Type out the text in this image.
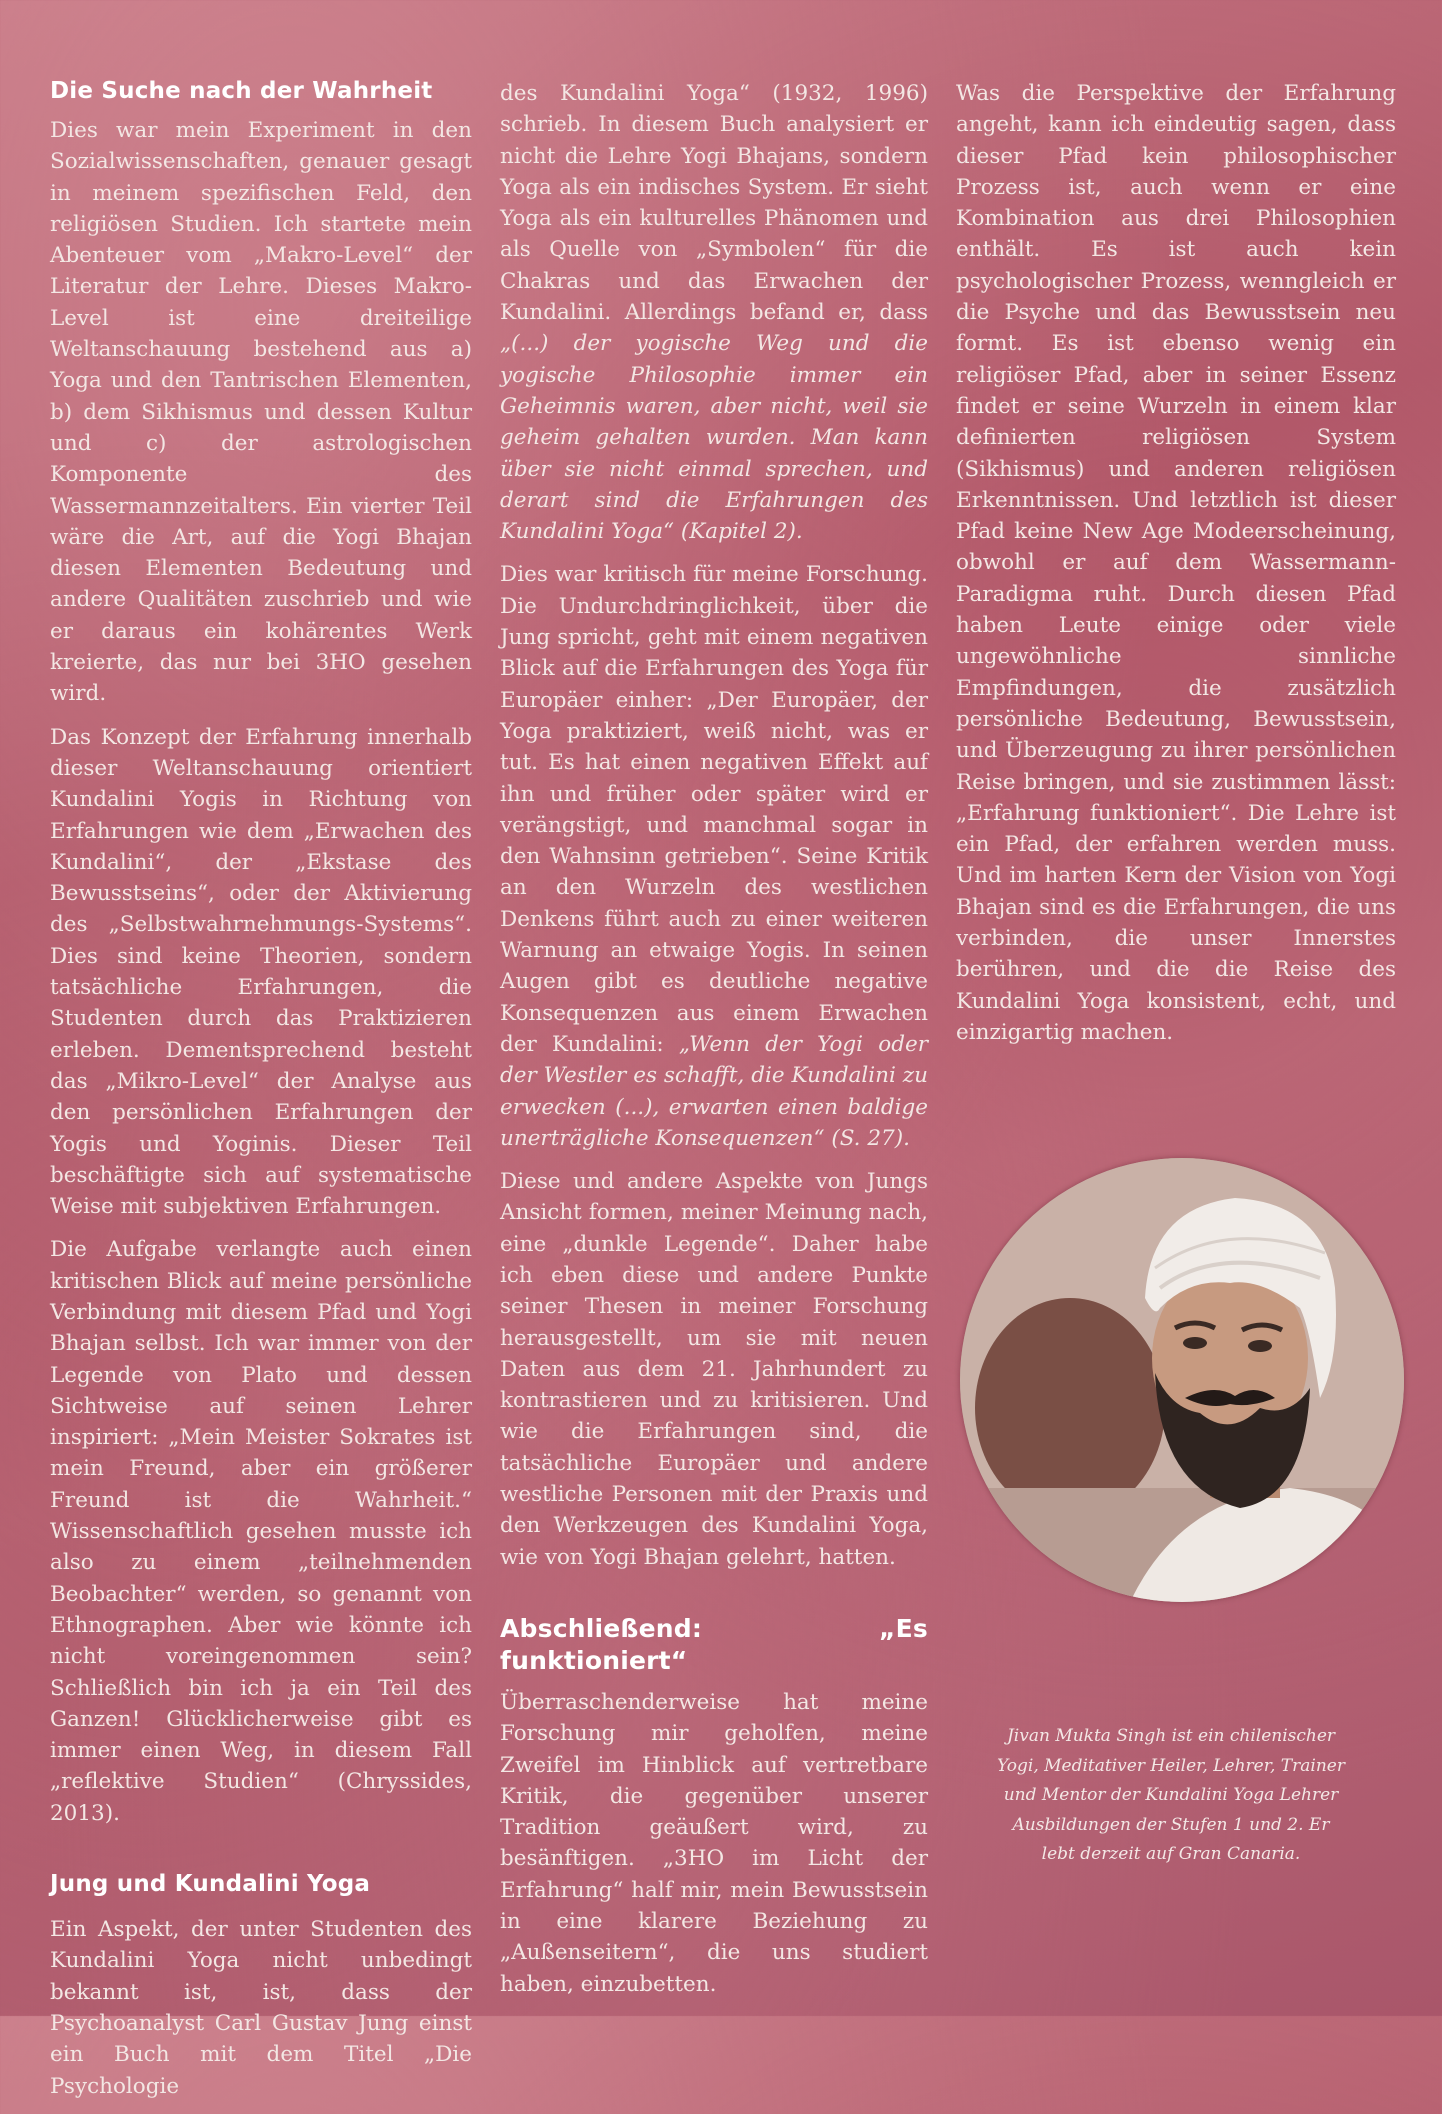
Die Suche nach der Wahrheit

Dies war mein Experiment in den Sozialwissenschaften, genauer gesagt in meinem spezifischen Feld, den religiösen Studien. Ich startete mein Abenteuer vom „Makro-Level“ der Literatur der Lehre. Dieses Makro-Level ist eine dreiteilige Weltanschauung bestehend aus a) Yoga und den Tantrischen Elementen, b) dem Sikhismus und dessen Kultur und c) der astrologischen Komponente des Wassermannzeitalters. Ein vierter Teil wäre die Art, auf die Yogi Bhajan diesen Elementen Bedeutung und andere Qualitäten zuschrieb und wie er daraus ein kohärentes Werk kreierte, das nur bei 3HO gesehen wird.

Das Konzept der Erfahrung innerhalb dieser Weltanschauung orientiert Kundalini Yogis in Richtung von Erfahrungen wie dem „Erwachen des Kundalini“, der „Ekstase des Bewusstseins“, oder der Aktivierung des „Selbstwahrnehmungs-Systems“. Dies sind keine Theorien, sondern tatsächliche Erfahrungen, die Studenten durch das Praktizieren erleben. Dementsprechend besteht das „Mikro-Level“ der Analyse aus den persönlichen Erfahrungen der Yogis und Yoginis. Dieser Teil beschäftigte sich auf systematische Weise mit subjektiven Erfahrungen.

Die Aufgabe verlangte auch einen kritischen Blick auf meine persönliche Verbindung mit diesem Pfad und Yogi Bhajan selbst. Ich war immer von der Legende von Plato und dessen Sichtweise auf seinen Lehrer inspiriert: „Mein Meister Sokrates ist mein Freund, aber ein größerer Freund ist die Wahrheit.“ Wissenschaftlich gesehen musste ich also zu einem „teilnehmenden Beobachter“ werden, so genannt von Ethnographen. Aber wie könnte ich nicht voreingenommen sein? Schließlich bin ich ja ein Teil des Ganzen! Glücklicherweise gibt es immer einen Weg, in diesem Fall „reflektive Studien“ (Chryssides, 2013).

Jung und Kundalini Yoga

Ein Aspekt, der unter Studenten des Kundalini Yoga nicht unbedingt bekannt ist, ist, dass der Psychoanalyst Carl Gustav Jung einst ein Buch mit dem Titel „Die Psychologie

des Kundalini Yoga“ (1932, 1996) schrieb. In diesem Buch analysiert er nicht die Lehre Yogi Bhajans, sondern Yoga als ein indisches System. Er sieht Yoga als ein kulturelles Phänomen und als Quelle von „Symbolen“ für die Chakras und das Erwachen der Kundalini. Allerdings befand er, dass „(...) der yogische Weg und die yogische Philosophie immer ein Geheimnis waren, aber nicht, weil sie geheim gehalten wurden. Man kann über sie nicht einmal sprechen, und derart sind die Erfahrungen des Kundalini Yoga“ (Kapitel 2).

Dies war kritisch für meine Forschung. Die Undurchdringlichkeit, über die Jung spricht, geht mit einem negativen Blick auf die Erfahrungen des Yoga für Europäer einher: „Der Europäer, der Yoga praktiziert, weiß nicht, was er tut. Es hat einen negativen Effekt auf ihn und früher oder später wird er verängstigt, und manchmal sogar in den Wahnsinn getrieben“. Seine Kritik an den Wurzeln des westlichen Denkens führt auch zu einer weiteren Warnung an etwaige Yogis. In seinen Augen gibt es deutliche negative Konsequenzen aus einem Erwachen der Kundalini: „Wenn der Yogi oder der Westler es schafft, die Kundalini zu erwecken (...), erwarten einen baldige unerträgliche Konsequenzen“ (S. 27).

Diese und andere Aspekte von Jungs Ansicht formen, meiner Meinung nach, eine „dunkle Legende“. Daher habe ich eben diese und andere Punkte seiner Thesen in meiner Forschung herausgestellt, um sie mit neuen Daten aus dem 21. Jahrhundert zu kontrastieren und zu kritisieren. Und wie die Erfahrungen sind, die tatsächliche Europäer und andere westliche Personen mit der Praxis und den Werkzeugen des Kundalini Yoga, wie von Yogi Bhajan gelehrt, hatten.

Abschließend: „Es funktioniert“

Überraschenderweise hat meine Forschung mir geholfen, meine Zweifel im Hinblick auf vertretbare Kritik, die gegenüber unserer Tradition geäußert wird, zu besänftigen. „3HO im Licht der Erfahrung“ half mir, mein Bewusstsein in eine klarere Beziehung zu „Außenseitern“, die uns studiert haben, einzubetten.

Was die Perspektive der Erfahrung angeht, kann ich eindeutig sagen, dass dieser Pfad kein philosophischer Prozess ist, auch wenn er eine Kombination aus drei Philosophien enthält. Es ist auch kein psychologischer Prozess, wenngleich er die Psyche und das Bewusstsein neu formt. Es ist ebenso wenig ein religiöser Pfad, aber in seiner Essenz findet er seine Wurzeln in einem klar definierten religiösen System (Sikhismus) und anderen religiösen Erkenntnissen. Und letztlich ist dieser Pfad keine New Age Modeerscheinung, obwohl er auf dem Wassermann-Paradigma ruht. Durch diesen Pfad haben Leute einige oder viele ungewöhnliche sinnliche Empfindungen, die zusätzlich persönliche Bedeutung, Bewusstsein, und Überzeugung zu ihrer persönlichen Reise bringen, und sie zustimmen lässt: „Erfahrung funktioniert“. Die Lehre ist ein Pfad, der erfahren werden muss. Und im harten Kern der Vision von Yogi Bhajan sind es die Erfahrungen, die uns verbinden, die unser Innerstes berühren, und die die Reise des Kundalini Yoga konsistent, echt, und einzigartig machen.

Jivan Mukta Singh ist ein chilenischer Yogi, Meditativer Heiler, Lehrer, Trainer und Mentor der Kundalini Yoga Lehrer Ausbildungen der Stufen 1 und 2. Er lebt derzeit auf Gran Canaria.
